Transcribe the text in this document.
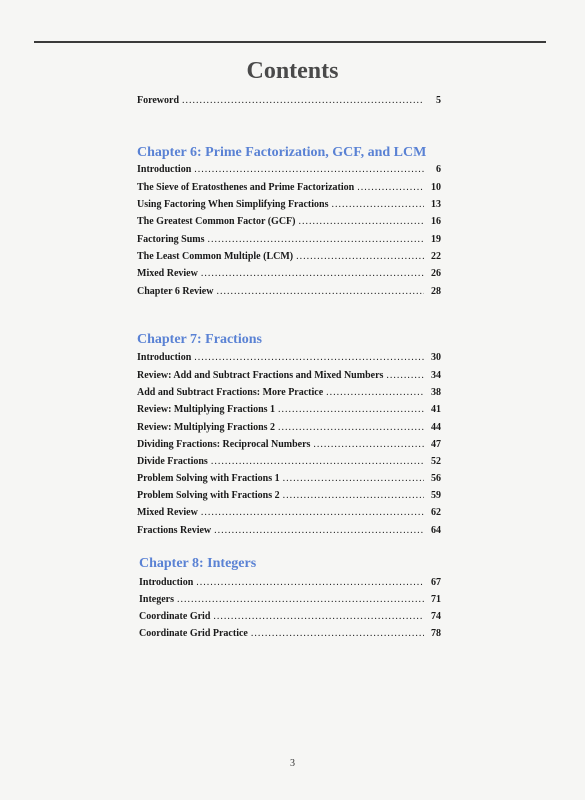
Contents
Foreword .....	5
Chapter 6: Prime Factorization, GCF, and LCM
Introduction .....	6
The Sieve of Eratosthenes and Prime Factorization .....	10
Using Factoring When Simplifying Fractions .....	13
The Greatest Common Factor (GCF) .....	16
Factoring Sums .....	19
The Least Common Multiple (LCM) .....	22
Mixed Review .....	26
Chapter 6 Review .....	28
Chapter 7: Fractions
Introduction .....	30
Review: Add and Subtract Fractions and Mixed Numbers .....	34
Add and Subtract Fractions: More Practice .....	38
Review: Multiplying Fractions 1 .....	41
Review: Multiplying Fractions 2 .....	44
Dividing Fractions: Reciprocal Numbers .....	47
Divide Fractions .....	52
Problem Solving with Fractions 1 .....	56
Problem Solving with Fractions 2 .....	59
Mixed Review .....	62
Fractions Review .....	64
Chapter 8: Integers
Introduction .....	67
Integers .....	71
Coordinate Grid .....	74
Coordinate Grid Practice .....	78
3
